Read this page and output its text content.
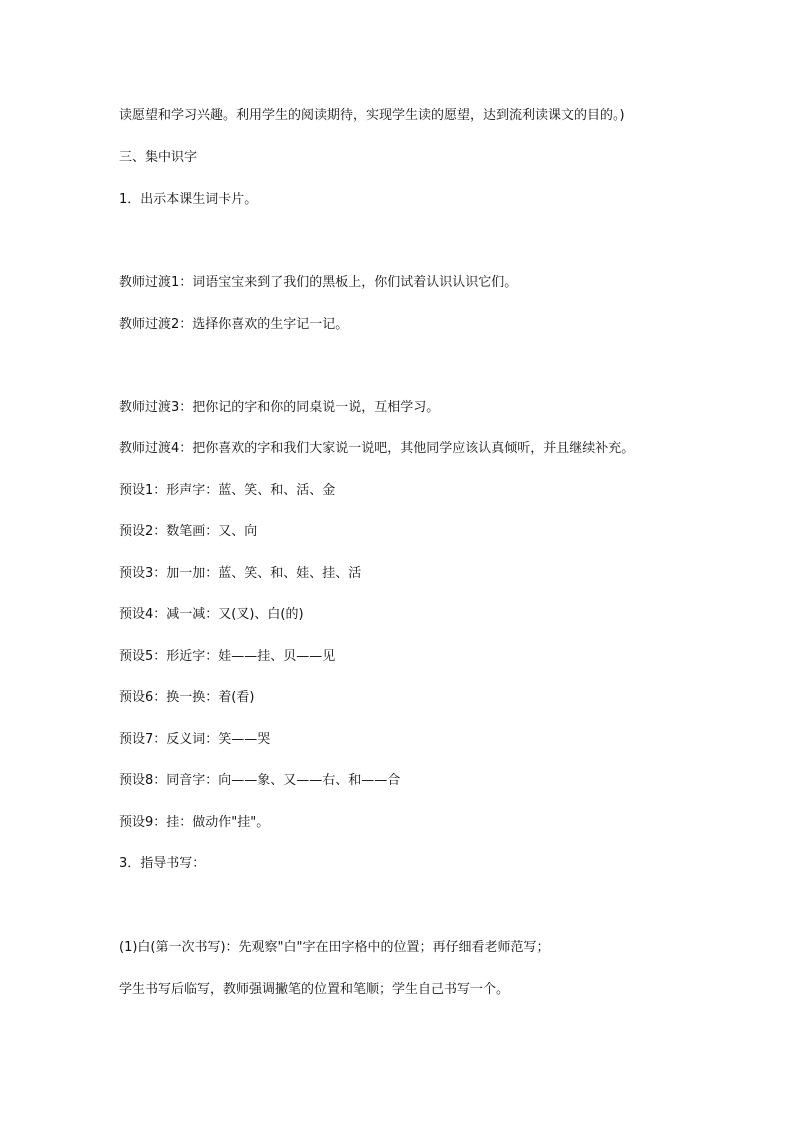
读愿望和学习兴趣。利用学生的阅读期待，实现学生读的愿望，达到流利读课文的目的。)
三、集中识字
1．出示本课生词卡片。
教师过渡1：词语宝宝来到了我们的黑板上，你们试着认识认识它们。
教师过渡2：选择你喜欢的生字记一记。
教师过渡3：把你记的字和你的同桌说一说，互相学习。
教师过渡4：把你喜欢的字和我们大家说一说吧，其他同学应该认真倾听，并且继续补充。
预设1：形声字：蓝、笑、和、活、金
预设2：数笔画：又、向
预设3：加一加：蓝、笑、和、娃、挂、活
预设4：减一减：又(叉)、白(的)
预设5：形近字：娃——挂、贝——见
预设6：换一换：着(看)
预设7：反义词：笑——哭
预设8：同音字：向——象、又——右、和——合
预设9：挂：做动作"挂"。
3．指导书写：
(1)白(第一次书写)：先观察"白"字在田字格中的位置；再仔细看老师范写；
学生书写后临写，教师强调撇笔的位置和笔顺；学生自己书写一个。
